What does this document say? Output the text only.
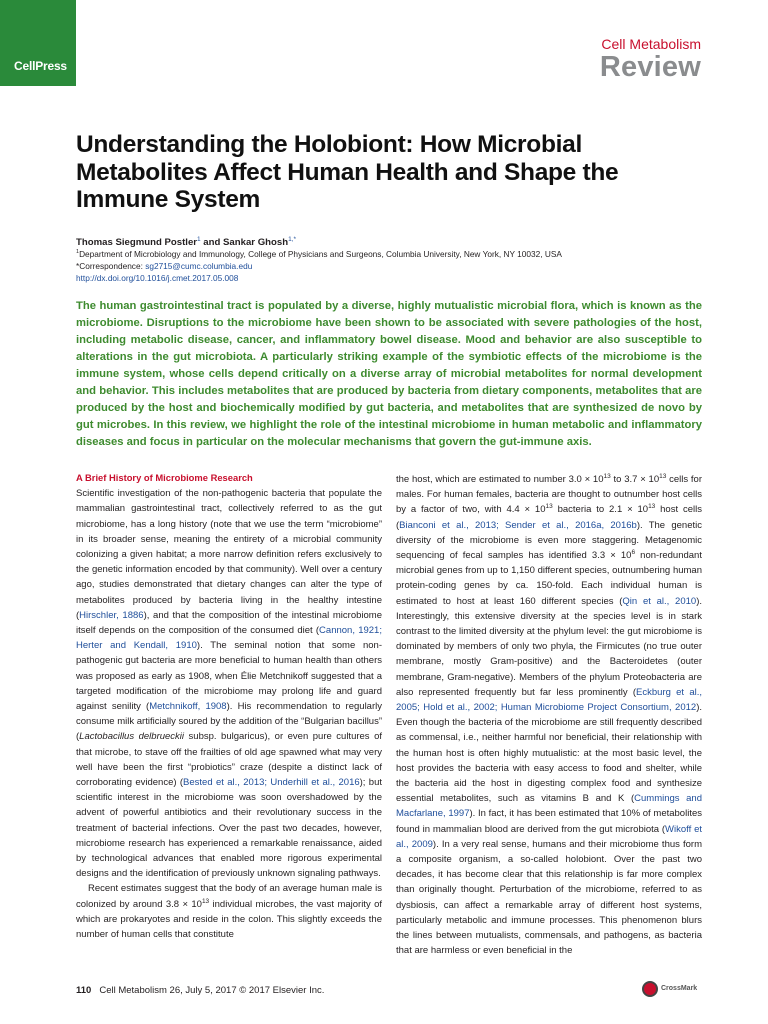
CellPress
Cell Metabolism
Review
Understanding the Holobiont: How Microbial Metabolites Affect Human Health and Shape the Immune System
Thomas Siegmund Postler$^1$ and Sankar Ghosh$^{1,*}$
$^1$Department of Microbiology and Immunology, College of Physicians and Surgeons, Columbia University, New York, NY 10032, USA
*Correspondence: sg2715@cumc.columbia.edu
http://dx.doi.org/10.1016/j.cmet.2017.05.008

The human gastrointestinal tract is populated by a diverse, highly mutualistic microbial flora, which is known as the microbiome. Disruptions to the microbiome have been shown to be associated with severe pathologies of the host, including metabolic disease, cancer, and inflammatory bowel disease. Mood and behavior are also susceptible to alterations in the gut microbiota. A particularly striking example of the symbiotic effects of the microbiome is the immune system, whose cells depend critically on a diverse array of microbial metabolites for normal development and behavior. This includes metabolites that are produced by bacteria from dietary components, metabolites that are produced by the host and biochemically modified by gut bacteria, and metabolites that are synthesized de novo by gut microbes. In this review, we highlight the role of the intestinal microbiome in human metabolic and inflammatory diseases and focus in particular on the molecular mechanisms that govern the gut-immune axis.

A Brief History of Microbiome Research

Scientific investigation of the non-pathogenic bacteria that populate the mammalian gastrointestinal tract, collectively referred to as the gut microbiome, has a long history (note that we use the term “microbiome” in its broader sense, meaning the entirety of a microbial community colonizing a given habitat; a more narrow definition refers exclusively to the genetic information encoded by that community). Well over a century ago, studies demonstrated that dietary changes can alter the type of metabolites produced by bacteria living in the healthy intestine (Hirschler, 1886), and that the composition of the intestinal microbiome itself depends on the composition of the consumed diet (Cannon, 1921; Herter and Kendall, 1910). The seminal notion that some non-pathogenic gut bacteria are more beneficial to human health than others was proposed as early as 1908, when Élie Metchnikoff suggested that a targeted modification of the microbiome may prolong life and guard against senility (Metchnikoff, 1908). His recommendation to regularly consume milk artificially soured by the addition of the “Bulgarian bacillus” (Lactobacillus delbrueckii subsp. bulgaricus), or even pure cultures of that microbe, to stave off the frailties of old age spawned what may very well have been the first “probiotics” craze (despite a distinct lack of corroborating evidence) (Bested et al., 2013; Underhill et al., 2016); but scientific interest in the microbiome was soon overshadowed by the advent of powerful antibiotics and their revolutionary success in the treatment of bacterial infections. Over the past two decades, however, microbiome research has experienced a remarkable renaissance, aided by technological advances that enabled more rigorous experimental designs and the identification of previously unknown signaling pathways.

Recent estimates suggest that the body of an average human male is colonized by around $3.8 \times 10^{13}$ individual microbes, the vast majority of which are prokaryotes and reside in the colon. This slightly exceeds the number of human cells that constitute

the host, which are estimated to number $3.0 \times 10^{13}$ to $3.7 \times 10^{13}$ cells for males. For human females, bacteria are thought to outnumber host cells by a factor of two, with $4.4 \times 10^{13}$ bacteria to $2.1 \times 10^{13}$ host cells (Bianconi et al., 2013; Sender et al., 2016a, 2016b). The genetic diversity of the microbiome is even more staggering. Metagenomic sequencing of fecal samples has identified $3.3 \times 10^6$ non-redundant microbial genes from up to 1,150 different species, outnumbering human protein-coding genes by ca. 150-fold. Each individual human is estimated to host at least 160 different species (Qin et al., 2010). Interestingly, this extensive diversity at the species level is in stark contrast to the limited diversity at the phylum level: the gut microbiome is dominated by members of only two phyla, the Firmicutes (no true outer membrane, mostly Gram-positive) and the Bacteroidetes (outer membrane, Gram-negative). Members of the phylum Proteobacteria are also represented frequently but far less prominently (Eckburg et al., 2005; Hold et al., 2002; Human Microbiome Project Consortium, 2012). Even though the bacteria of the microbiome are still frequently described as commensal, i.e., neither harmful nor beneficial, their relationship with the human host is often highly mutualistic: at the most basic level, the host provides the bacteria with easy access to food and shelter, while the bacteria aid the host in digesting complex food and synthesize essential metabolites, such as vitamins B and K (Cummings and Macfarlane, 1997). In fact, it has been estimated that 10% of metabolites found in mammalian blood are derived from the gut microbiota (Wikoff et al., 2009). In a very real sense, humans and their microbiome thus form a composite organism, a so-called holobiont. Over the past two decades, it has become clear that this relationship is far more complex than originally thought. Perturbation of the microbiome, referred to as dysbiosis, can affect a remarkable array of different host systems, particularly metabolic and immune processes. This phenomenon blurs the lines between mutualists, commensals, and pathogens, as bacteria that are harmless or even beneficial in the

110 Cell Metabolism 26, July 5, 2017 © 2017 Elsevier Inc.	CrossMark
